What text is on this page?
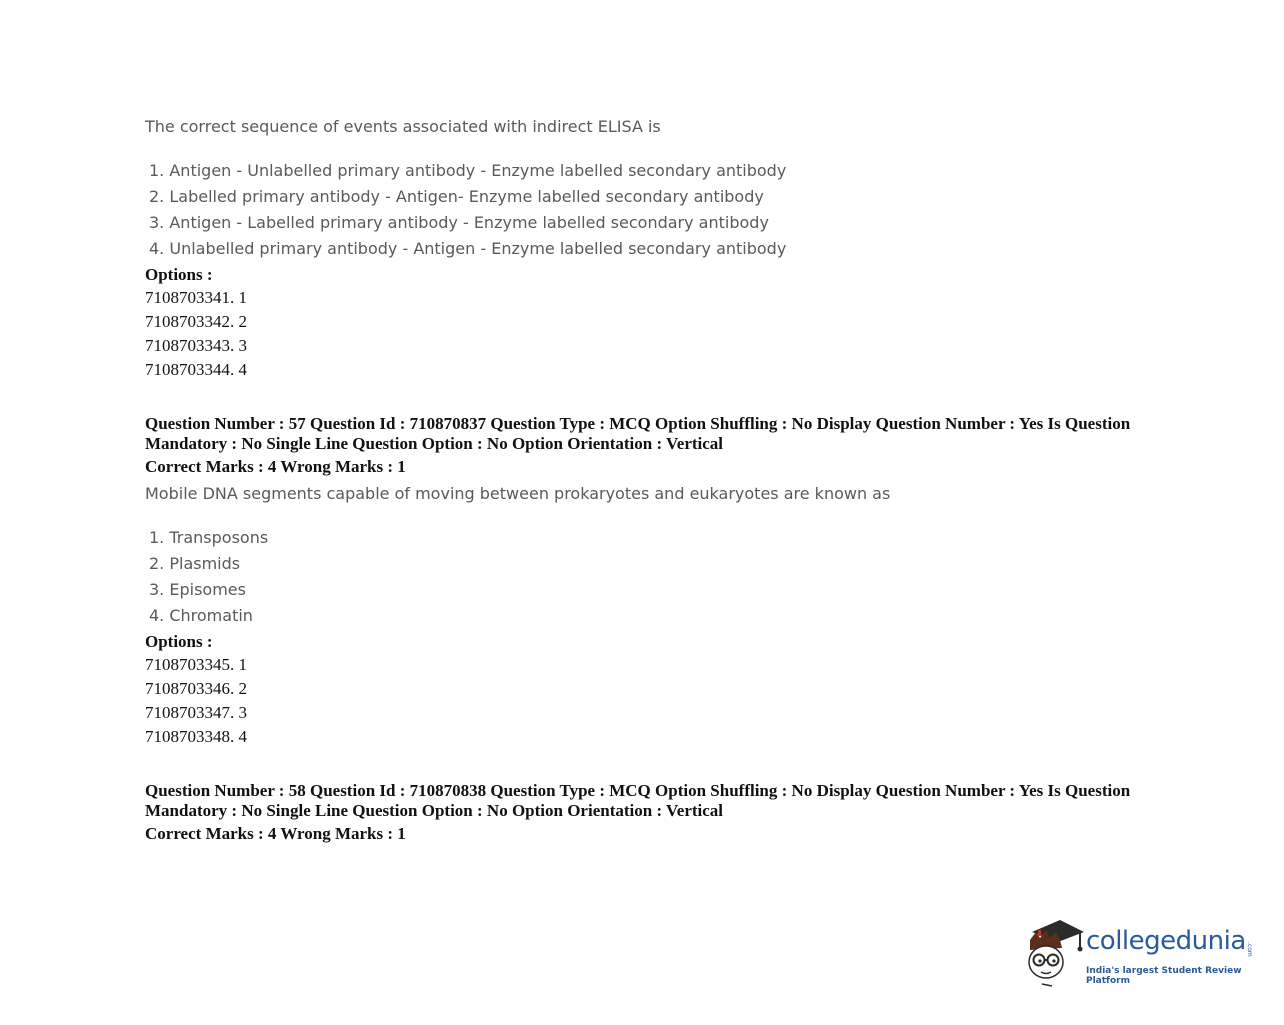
The correct sequence of events associated with indirect ELISA is
1. Antigen - Unlabelled primary antibody - Enzyme labelled secondary antibody
2. Labelled primary antibody - Antigen- Enzyme labelled secondary antibody
3. Antigen - Labelled primary antibody - Enzyme labelled secondary antibody
4. Unlabelled primary antibody - Antigen - Enzyme labelled secondary antibody
Options :
7108703341. 1
7108703342. 2
7108703343. 3
7108703344. 4
Question Number : 57 Question Id : 710870837 Question Type : MCQ Option Shuffling : No Display Question Number : Yes Is Question Mandatory : No Single Line Question Option : No Option Orientation : Vertical
Correct Marks : 4 Wrong Marks : 1
Mobile DNA segments capable of moving between prokaryotes and eukaryotes are known as
1. Transposons
2. Plasmids
3. Episomes
4. Chromatin
Options :
7108703345. 1
7108703346. 2
7108703347. 3
7108703348. 4
Question Number : 58 Question Id : 710870838 Question Type : MCQ Option Shuffling : No Display Question Number : Yes Is Question Mandatory : No Single Line Question Option : No Option Orientation : Vertical
Correct Marks : 4 Wrong Marks : 1
collegedunia .com
India's largest Student Review Platform
